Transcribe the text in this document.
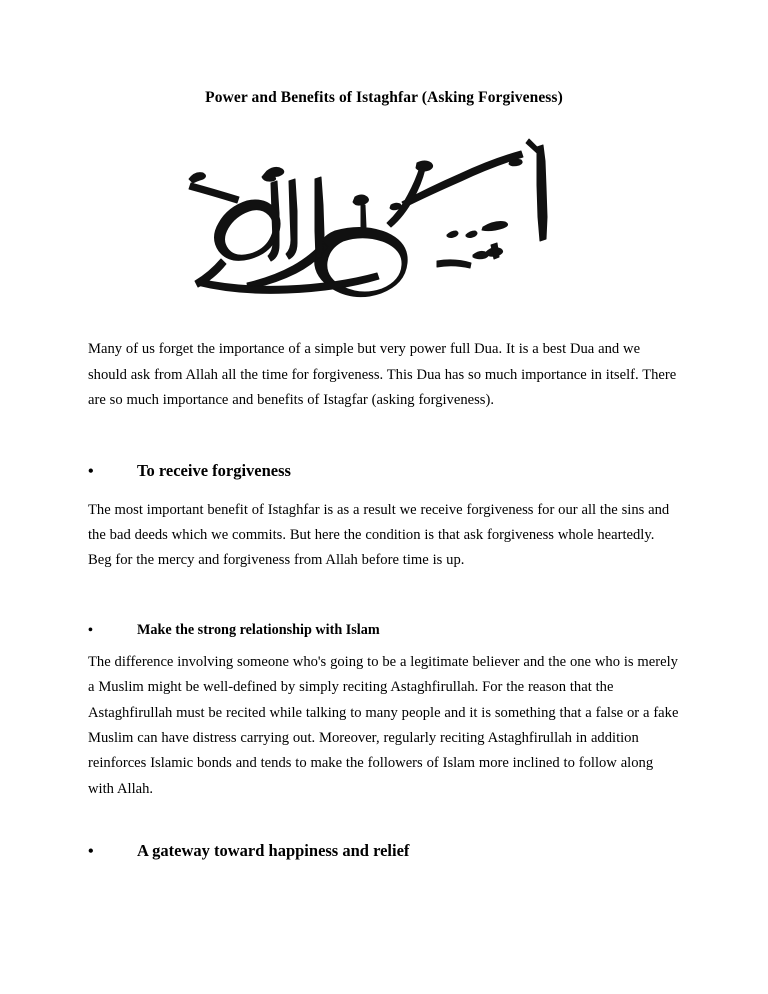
Power and Benefits of Istaghfar (Asking Forgiveness)

Many of us forget the importance of a simple but very power full Dua. It is a best Dua and we should ask from Allah all the time for forgiveness. This Dua has so much importance in itself. There are so much importance and benefits of Istagfar (asking forgiveness).

•	To receive forgiveness

The most important benefit of Istaghfar is as a result we receive forgiveness for our all the sins and the bad deeds which we commits. But here the condition is that ask forgiveness whole heartedly. Beg for the mercy and forgiveness from Allah before time is up.

•	Make the strong relationship with Islam

The difference involving someone who's going to be a legitimate believer and the one who is merely a Muslim might be well-defined by simply reciting Astaghfirullah. For the reason that the Astaghfirullah must be recited while talking to many people and it is something that a false or a fake Muslim can have distress carrying out. Moreover, regularly reciting Astaghfirullah in addition reinforces Islamic bonds and tends to make the followers of Islam more inclined to follow along with Allah.

•	A gateway toward happiness and relief
